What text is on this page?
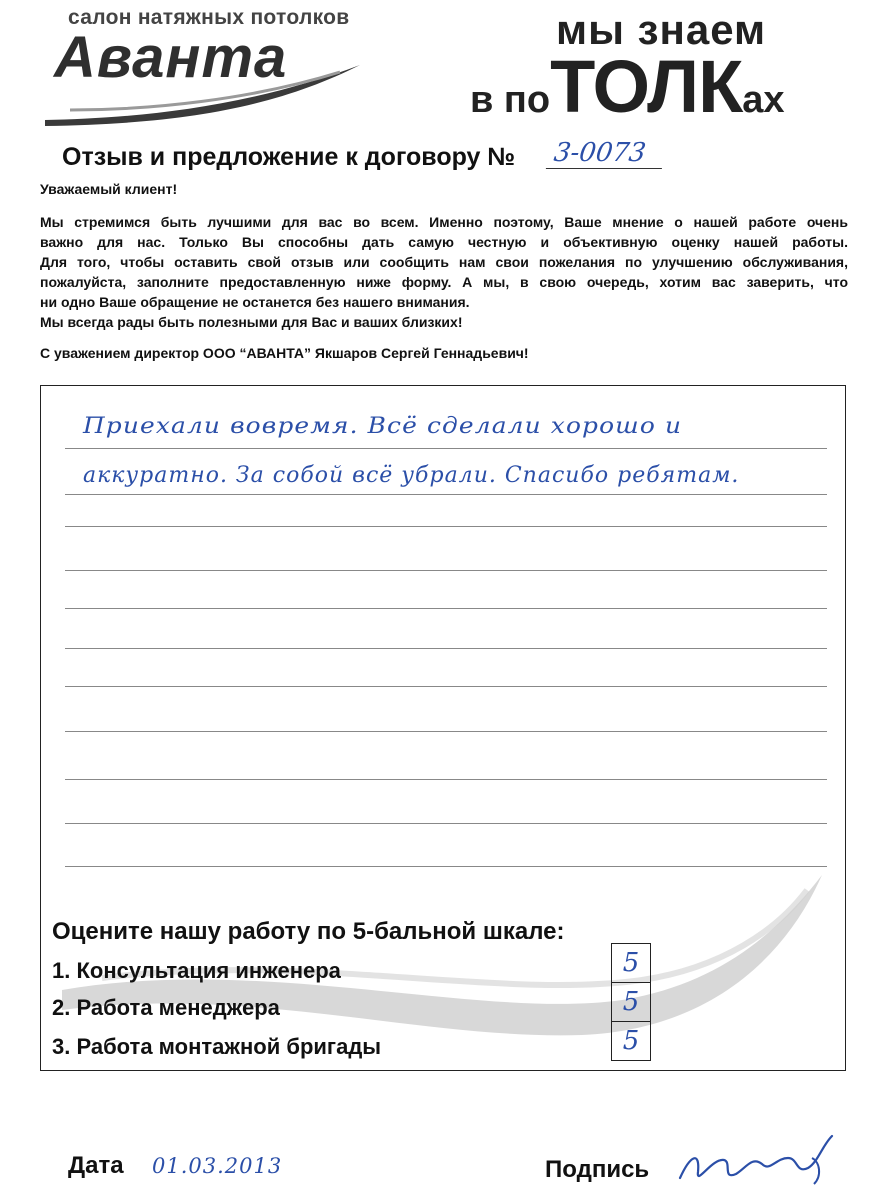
салон натяжных потолков
Аванта	мы знаем
в поТОЛКах
Отзыв и предложение к договору № 3-0073
Уважаемый клиент!

Мы стремимся быть лучшими для вас во всем. Именно поэтому, Ваше мнение о нашей работе очень

важно для нас. Только Вы способны дать самую честную и объективную оценку нашей работы.

Для того, чтобы оставить свой отзыв или сообщить нам свои пожелания по улучшению обслуживания,

пожалуйста, заполните предоставленную ниже форму. А мы, в свою очередь, хотим вас заверить, что

ни одно Ваше обращение не останется без нашего внимания.

Мы всегда рады быть полезными для Вас и ваших близких!

С уважением директор ООО “АВАНТА” Якшаров Сергей Геннадьевич!
Приехали вовремя. Всё сделали хорошо и
аккуратно. За собой всё убрали. Спасибо ребятам.
Оцените нашу работу по 5-бальной шкале:
1. Консультация инженера
2. Работа менеджера
3. Работа монтажной бригады
5
5
5
Дата 01.03.2013	Подпись
